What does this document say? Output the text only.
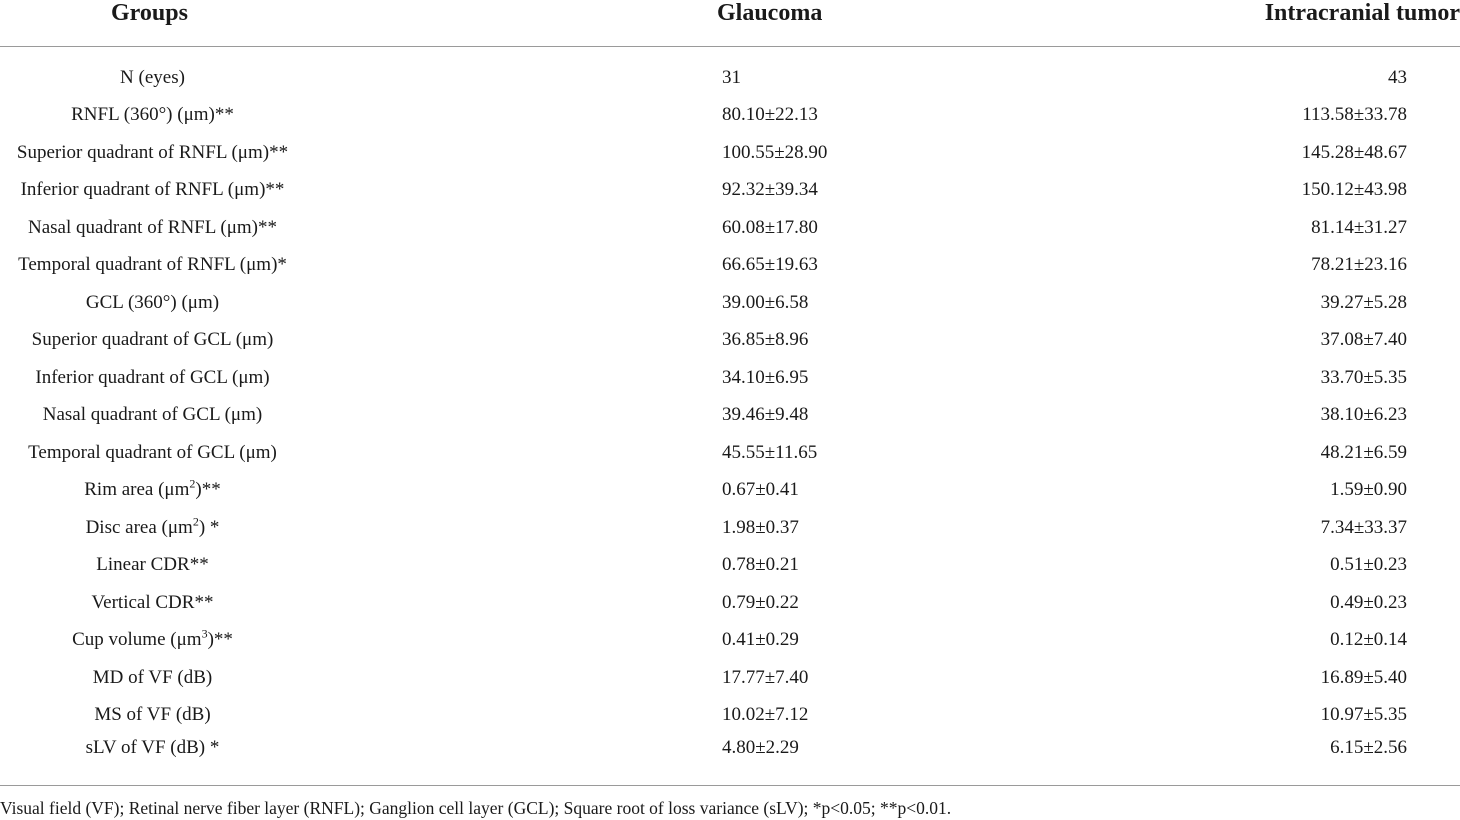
Groups	Glaucoma	Intracranial tumor

N (eyes)	31	43
RNFL (360°) (μm)**	80.10±22.13	113.58±33.78
Superior quadrant of RNFL (μm)**	100.55±28.90	145.28±48.67
Inferior quadrant of RNFL (μm)**	92.32±39.34	150.12±43.98
Nasal quadrant of RNFL (μm)**	60.08±17.80	81.14±31.27
Temporal quadrant of RNFL (μm)*	66.65±19.63	78.21±23.16
GCL (360°) (μm)	39.00±6.58	39.27±5.28
Superior quadrant of GCL (μm)	36.85±8.96	37.08±7.40
Inferior quadrant of GCL (μm)	34.10±6.95	33.70±5.35
Nasal quadrant of GCL (μm)	39.46±9.48	38.10±6.23
Temporal quadrant of GCL (μm)	45.55±11.65	48.21±6.59
Rim area $(\mu m^2)**$	0.67±0.41	1.59±0.90
Disc area $(\mu m^2)$ *	1.98±0.37	7.34±33.37
Linear CDR**	0.78±0.21	0.51±0.23
Vertical CDR**	0.79±0.22	0.49±0.23
Cup volume $(\mu m^3)**$	0.41±0.29	0.12±0.14
MD of VF (dB)	17.77±7.40	16.89±5.40
MS of VF (dB)	10.02±7.12	10.97±5.35
sLV of VF (dB) *	4.80±2.29	6.15±2.56
Visual field (VF); Retinal nerve fiber layer (RNFL); Ganglion cell layer (GCL); Square root of loss variance (sLV); *p<0.05; **p<0.01.
